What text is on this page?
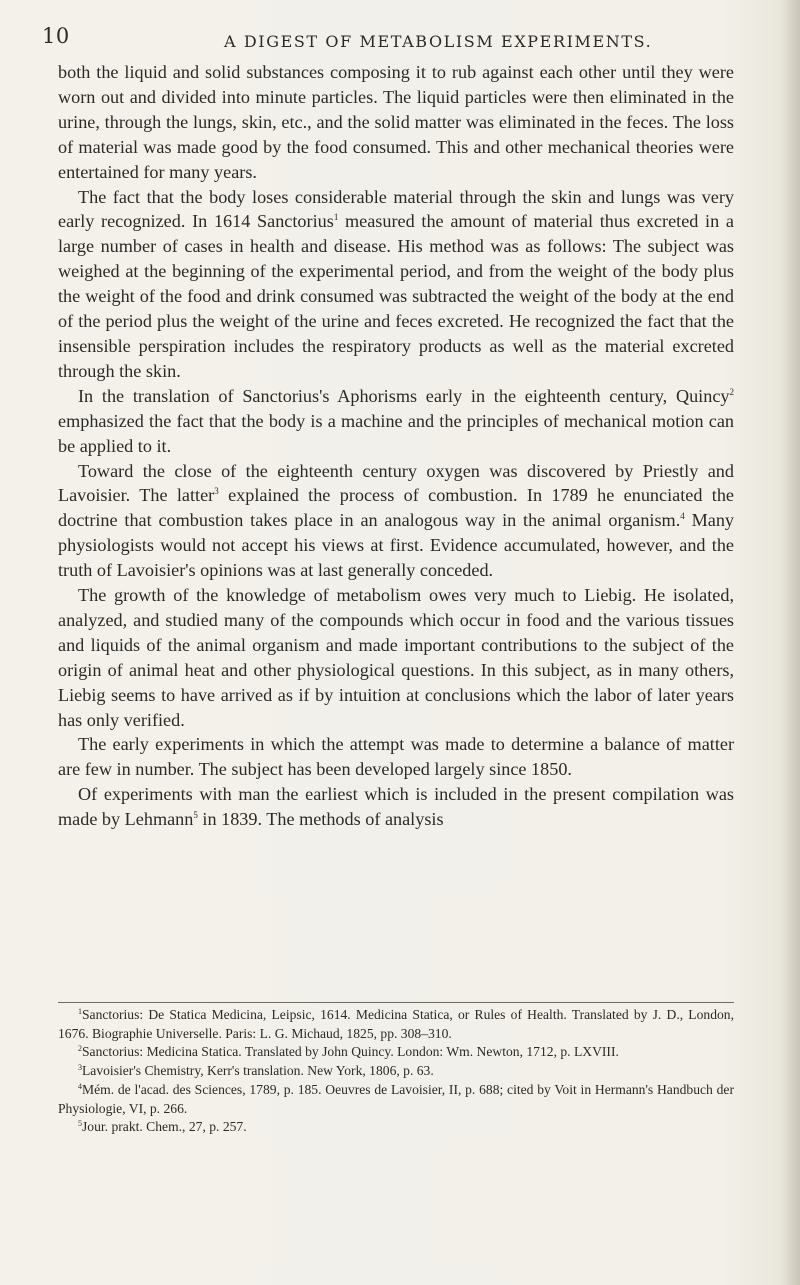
10	A DIGEST OF METABOLISM EXPERIMENTS.

both the liquid and solid substances composing it to rub against each other until they were worn out and divided into minute particles. The liquid particles were then eliminated in the urine, through the lungs, skin, etc., and the solid matter was eliminated in the feces. The loss of material was made good by the food consumed. This and other mechanical theories were entertained for many years.

The fact that the body loses considerable material through the skin and lungs was very early recognized. In 1614 Sanctorius$^1$ measured the amount of material thus excreted in a large number of cases in health and disease. His method was as follows: The subject was weighed at the beginning of the experimental period, and from the weight of the body plus the weight of the food and drink consumed was subtracted the weight of the body at the end of the period plus the weight of the urine and feces excreted. He recognized the fact that the insensible perspiration includes the respiratory products as well as the material excreted through the skin.

In the translation of Sanctorius's Aphorisms early in the eighteenth century, Quincy$^2$ emphasized the fact that the body is a machine and the principles of mechanical motion can be applied to it.

Toward the close of the eighteenth century oxygen was discovered by Priestly and Lavoisier. The latter$^3$ explained the process of combustion. In 1789 he enunciated the doctrine that combustion takes place in an analogous way in the animal organism.$^4$ Many physiologists would not accept his views at first. Evidence accumulated, however, and the truth of Lavoisier's opinions was at last generally conceded.

The growth of the knowledge of metabolism owes very much to Liebig. He isolated, analyzed, and studied many of the compounds which occur in food and the various tissues and liquids of the animal organism and made important contributions to the subject of the origin of animal heat and other physiological questions. In this subject, as in many others, Liebig seems to have arrived as if by intuition at conclusions which the labor of later years has only verified.

The early experiments in which the attempt was made to determine a balance of matter are few in number. The subject has been developed largely since 1850.

Of experiments with man the earliest which is included in the present compilation was made by Lehmann$^5$ in 1839. The methods of analysis

$^1$Sanctorius: De Statica Medicina, Leipsic, 1614. Medicina Statica, or Rules of Health. Translated by J. D., London, 1676. Biographie Universelle. Paris: L. G. Michaud, 1825, pp. 308–310.

$^2$Sanctorius: Medicina Statica. Translated by John Quincy. London: Wm. Newton, 1712, p. LXVIII.

$^3$Lavoisier's Chemistry, Kerr's translation. New York, 1806, p. 63.

$^4$Mém. de l'acad. des Sciences, 1789, p. 185. Oeuvres de Lavoisier, II, p. 688; cited by Voit in Hermann's Handbuch der Physiologie, VI, p. 266.

$^5$Jour. prakt. Chem., 27, p. 257.
